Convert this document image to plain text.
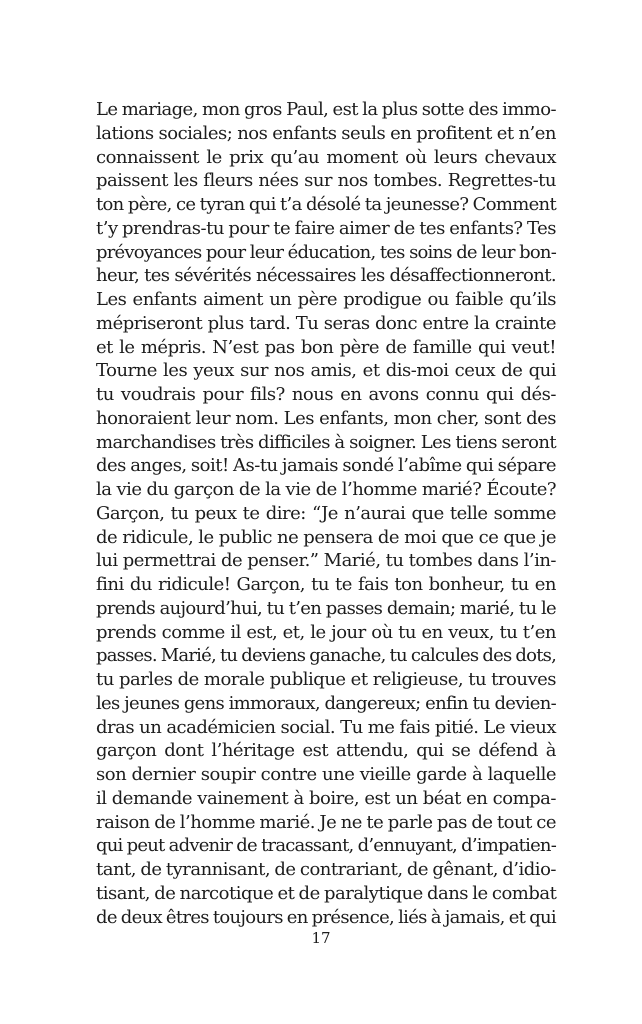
Le mariage, mon gros Paul, est la plus sotte des immo-
lations sociales; nos enfants seuls en profitent et n’en
connaissent le prix qu’au moment où leurs chevaux
paissent les fleurs nées sur nos tombes. Regrettes-tu
ton père, ce tyran qui t’a désolé ta jeunesse? Comment
t’y prendras-tu pour te faire aimer de tes enfants? Tes
prévoyances pour leur éducation, tes soins de leur bon-
heur, tes sévérités nécessaires les désaffectionneront.
Les enfants aiment un père prodigue ou faible qu’ils
mépriseront plus tard. Tu seras donc entre la crainte
et le mépris. N’est pas bon père de famille qui veut!
Tourne les yeux sur nos amis, et dis-moi ceux de qui
tu voudrais pour fils? nous en avons connu qui dés-
honoraient leur nom. Les enfants, mon cher, sont des
marchandises très difficiles à soigner. Les tiens seront
des anges, soit! As-tu jamais sondé l’abîme qui sépare
la vie du garçon de la vie de l’homme marié? Écoute?
Garçon, tu peux te dire: “Je n’aurai que telle somme
de ridicule, le public ne pensera de moi que ce que je
lui permettrai de penser.” Marié, tu tombes dans l’in-
fini du ridicule! Garçon, tu te fais ton bonheur, tu en
prends aujourd’hui, tu t’en passes demain; marié, tu le
prends comme il est, et, le jour où tu en veux, tu t’en
passes. Marié, tu deviens ganache, tu calcules des dots,
tu parles de morale publique et religieuse, tu trouves
les jeunes gens immoraux, dangereux; enfin tu devien-
dras un académicien social. Tu me fais pitié. Le vieux
garçon dont l’héritage est attendu, qui se défend à
son dernier soupir contre une vieille garde à laquelle
il demande vainement à boire, est un béat en compa-
raison de l’homme marié. Je ne te parle pas de tout ce
qui peut advenir de tracassant, d’ennuyant, d’impatien-
tant, de tyrannisant, de contrariant, de gênant, d’idio-
tisant, de narcotique et de paralytique dans le combat
de deux êtres toujours en présence, liés à jamais, et qui
17
